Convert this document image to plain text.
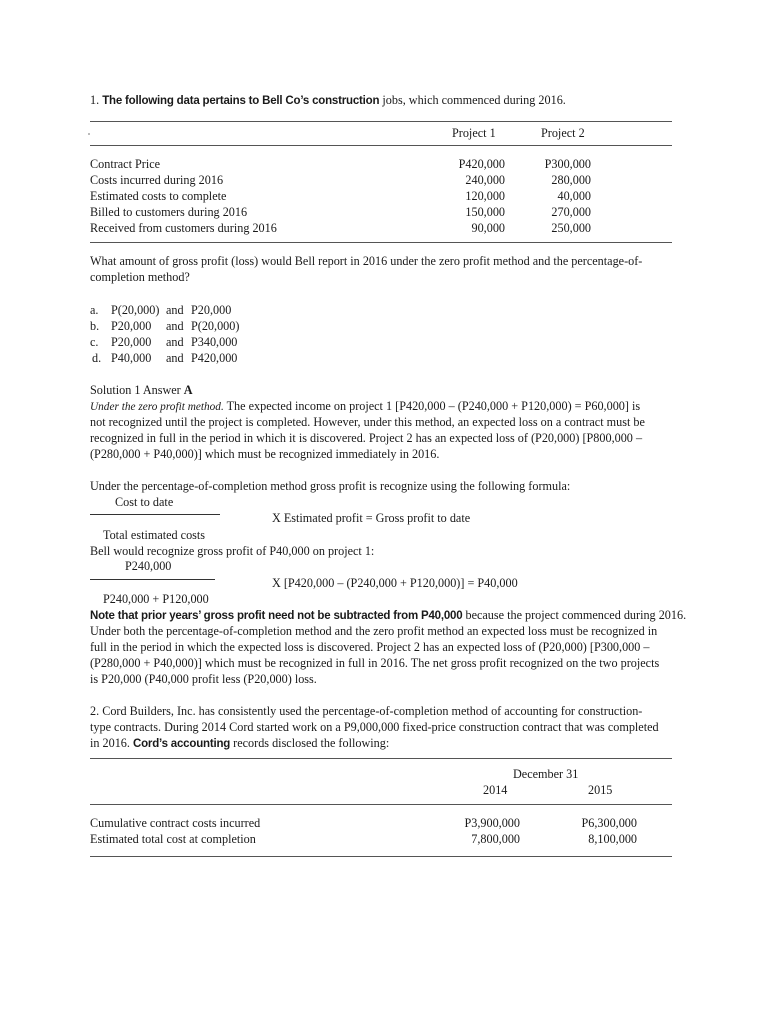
1. The following data pertains to Bell Co’s construction jobs, which commenced during 2016.
Project 1	Project 2
Contract Price	P420,000	P300,000
Costs incurred during 2016	240,000	280,000
Estimated costs to complete	120,000	40,000
Billed to customers during 2016	150,000	270,000
Received from customers during 2016	90,000	250,000
What amount of gross profit (loss) would Bell report in 2016 under the zero profit method and the percentage-of-
completion method?
a. P(20,000) and P20,000
b. P20,000 and P(20,000)
c. P20,000 and P340,000
d. P40,000 and P420,000
Solution 1 Answer A
Under the zero profit method. The expected income on project 1 [P420,000 – (P240,000 + P120,000) = P60,000] is
not recognized until the project is completed. However, under this method, an expected loss on a contract must be
recognized in full in the period in which it is discovered. Project 2 has an expected loss of (P20,000) [P800,000 –
(P280,000 + P40,000)] which must be recognized immediately in 2016.
Under the percentage-of-completion method gross profit is recognize using the following formula:
Cost to date
X Estimated profit = Gross profit to date
Total estimated costs
Bell would recognize gross profit of P40,000 on project 1:
P240,000
X [P420,000 – (P240,000 + P120,000)] = P40,000
P240,000 + P120,000
Note that prior years’ gross profit need not be subtracted from P40,000 because the project commenced during 2016.
Under both the percentage-of-completion method and the zero profit method an expected loss must be recognized in
full in the period in which the expected loss is discovered. Project 2 has an expected loss of (P20,000) [P300,000 –
(P280,000 + P40,000)] which must be recognized in full in 2016. The net gross profit recognized on the two projects
is P20,000 (P40,000 profit less (P20,000) loss.
2. Cord Builders, Inc. has consistently used the percentage-of-completion method of accounting for construction-
type contracts. During 2014 Cord started work on a P9,000,000 fixed-price construction contract that was completed
in 2016. Cord’s accounting records disclosed the following:
December 31
2014	2015
Cumulative contract costs incurred	P3,900,000	P6,300,000
Estimated total cost at completion	7,800,000	8,100,000
